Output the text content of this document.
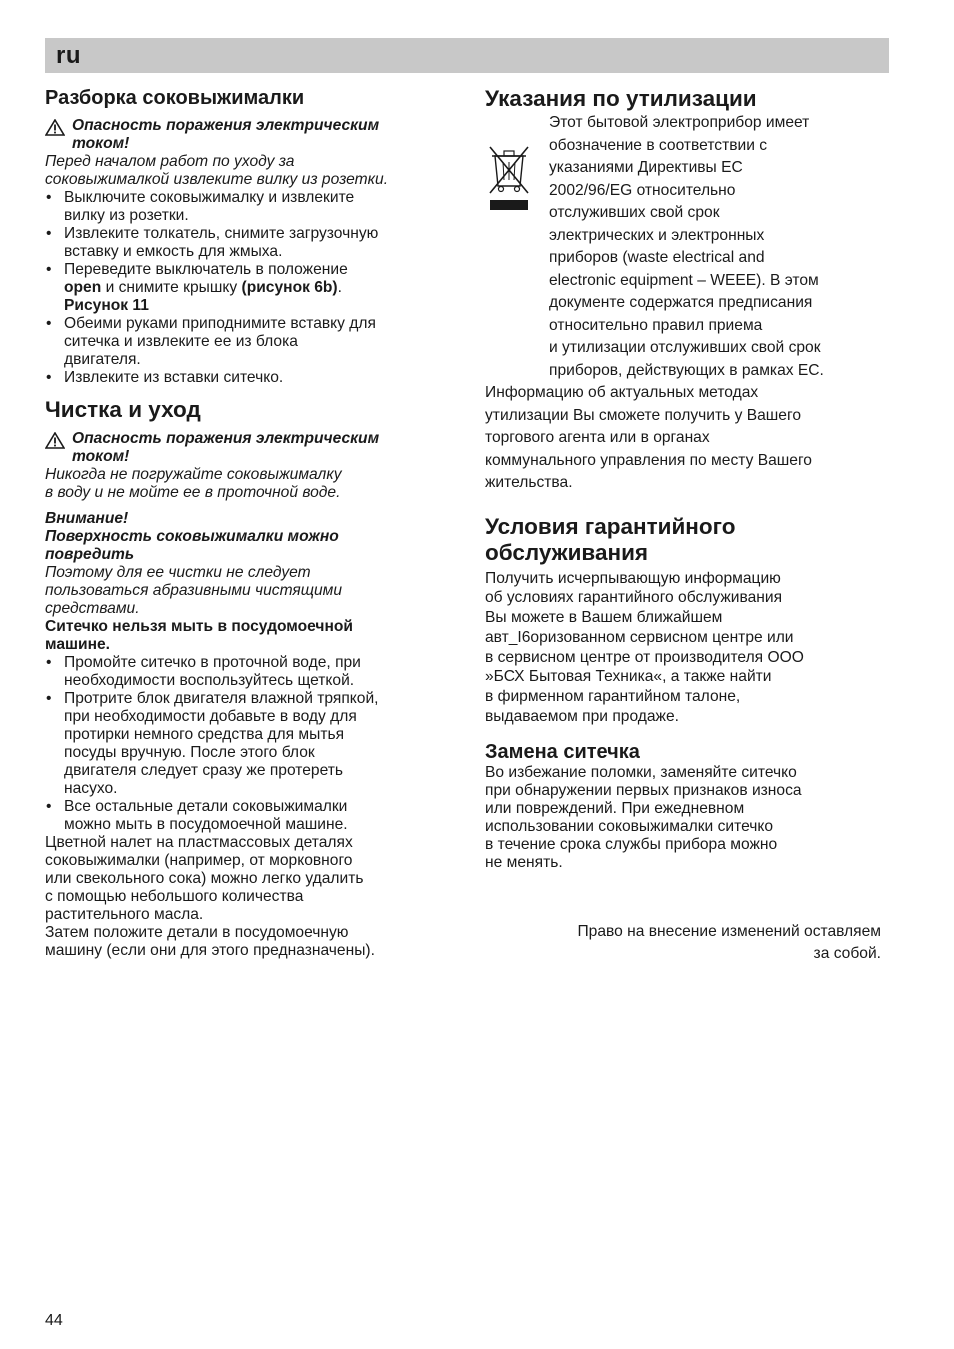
ru
Разборка соковыжималки

Опасность поражения электрическим

током!

Перед началом работ по уходу за

соковыжималкой извлеките вилку из розетки.

• Выключите соковыжималку и извлеките

вилку из розетки.

• Извлеките толкатель, снимите загрузочную

вставку и емкость для жмыха.

• Переведите выключатель в положение

open и снимите крышку (рисунок 6b).

Рисунок 11

• Обеими руками приподнимите вставку для

ситечка и извлеките ее из блока

двигателя.

• Извлеките из вставки ситечко.

Чистка и уход

Опасность поражения электрическим

током!

Никогда не погружайте соковыжималку

в воду и не мойте ее в проточной воде.

Внимание!

Поверхность соковыжималки можно

повредить

Поэтому для ее чистки не следует

пользоваться абразивными чистящими

средствами.

Ситечко нельзя мыть в посудомоечной

машине.

• Промойте ситечко в проточной воде, при

необходимости воспользуйтесь щеткой.

• Протрите блок двигателя влажной тряпкой,

при необходимости добавьте в воду для

протирки немного средства для мытья

посуды вручную. После этого блок

двигателя следует сразу же протереть

насухо.

• Все остальные детали соковыжималки

можно мыть в посудомоечной машине.

Цветной налет на пластмассовых деталях

соковыжималки (например, от морковного

или свекольного сока) можно легко удалить

с помощью небольшого количества

растительного масла.

Затем положите детали в посудомоечную

машину (если они для этого предназначены).

Указания по утилизации

Этот бытовой электроприбор имеет

обозначение в соответствии с

указаниями Директивы ЕС

2002/96/EG относительно

отслуживших свой срок

электрических и электронных

приборов (waste electrical and

electronic equipment – WEEE). В этом

документе содержатся предписания

относительно правил приема

и утилизации отслуживших свой срок

приборов, действующих в рамках ЕС.

Информацию об актуальных методах

утилизации Вы сможете получить у Вашего

торгового агента или в органах

коммунального управления по месту Вашего

жительства.

Условия гарантийного
обслуживания

Получить исчерпывающую информацию

об условиях гарантийного обслуживания

Вы можете в Вашем ближайшем

авт_I6оризованном сервисном центре или

в сервисном центре от производителя ООО

»БСХ Бытовая Техника«, а также найти

в фирменном гарантийном талоне,

выдаваемом при продаже.

Замена ситечка

Во избежание поломки, заменяйте ситечко

при обнаружении первых признаков износа

или повреждений. При ежедневном

использовании соковыжималки ситечко

в течение срока службы прибора можно

не менять.

Право на внесение изменений оставляем

за собой.

44
